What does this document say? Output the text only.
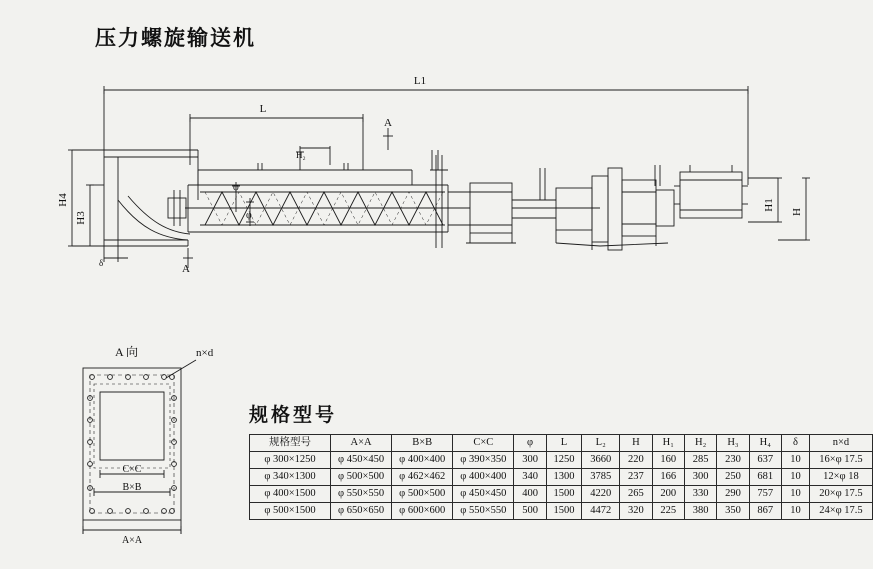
压力螺旋输送机
规格型号
L1
L
A
A
H₂
φ
φ
δ
n×d
A 向
C×C
B×B
A×A
H4
H3
H1
H
规格型号	A×A	B×B	C×C	φ	L	L₂	H	H₁	H₂	H₃	H₄	δ	n×d
φ 300×1250	φ 450×450	φ 400×400	φ 390×350	300	1250	3660	220	160	285	230	637	10	16×φ 17.5
φ 340×1300	φ 500×500	φ 462×462	φ 400×400	340	1300	3785	237	166	300	250	681	10	12×φ 18
φ 400×1500	φ 550×550	φ 500×500	φ 450×450	400	1500	4220	265	200	330	290	757	10	20×φ 17.5
φ 500×1500	φ 650×650	φ 600×600	φ 550×550	500	1500	4472	320	225	380	350	867	10	24×φ 17.5
